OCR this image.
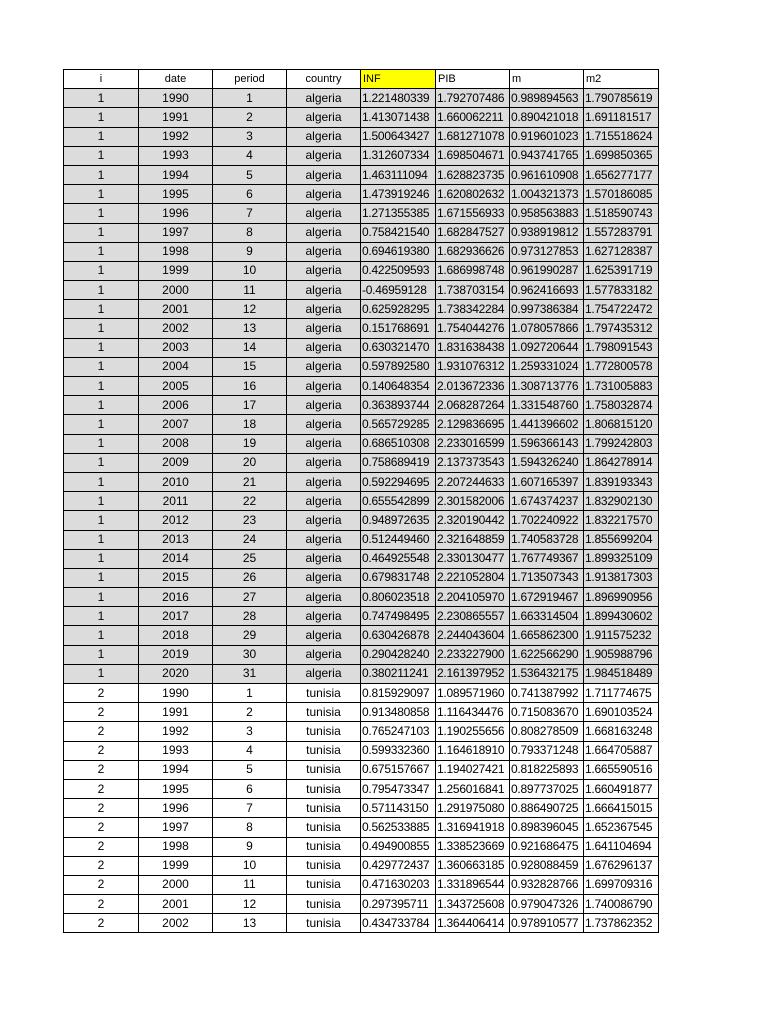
i	date	period	country	INF	PIB	m	m2
1	1990	1	algeria	1.221480339	1.792707486	0.989894563	1.790785619
1	1991	2	algeria	1.413071438	1.660062211	0.890421018	1.691181517
1	1992	3	algeria	1.500643427	1.681271078	0.919601023	1.715518624
1	1993	4	algeria	1.312607334	1.698504671	0.943741765	1.699850365
1	1994	5	algeria	1.463111094	1.628823735	0.961610908	1.656277177
1	1995	6	algeria	1.473919246	1.620802632	1.004321373	1.570186085
1	1996	7	algeria	1.271355385	1.671556933	0.958563883	1.518590743
1	1997	8	algeria	0.758421540	1.682847527	0.938919812	1.557283791
1	1998	9	algeria	0.694619380	1.682936626	0.973127853	1.627128387
1	1999	10	algeria	0.422509593	1.686998748	0.961990287	1.625391719
1	2000	11	algeria	-0.46959128	1.738703154	0.962416693	1.577833182
1	2001	12	algeria	0.625928295	1.738342284	0.997386384	1.754722472
1	2002	13	algeria	0.151768691	1.754044276	1.078057866	1.797435312
1	2003	14	algeria	0.630321470	1.831638438	1.092720644	1.798091543
1	2004	15	algeria	0.597892580	1.931076312	1.259331024	1.772800578
1	2005	16	algeria	0.140648354	2.013672336	1.308713776	1.731005883
1	2006	17	algeria	0.363893744	2.068287264	1.331548760	1.758032874
1	2007	18	algeria	0.565729285	2.129836695	1.441396602	1.806815120
1	2008	19	algeria	0.686510308	2.233016599	1.596366143	1.799242803
1	2009	20	algeria	0.758689419	2.137373543	1.594326240	1.864278914
1	2010	21	algeria	0.592294695	2.207244633	1.607165397	1.839193343
1	2011	22	algeria	0.655542899	2.301582006	1.674374237	1.832902130
1	2012	23	algeria	0.948972635	2.320190442	1.702240922	1.832217570
1	2013	24	algeria	0.512449460	2.321648859	1.740583728	1.855699204
1	2014	25	algeria	0.464925548	2.330130477	1.767749367	1.899325109
1	2015	26	algeria	0.679831748	2.221052804	1.713507343	1.913817303
1	2016	27	algeria	0.806023518	2.204105970	1.672919467	1.896990956
1	2017	28	algeria	0.747498495	2.230865557	1.663314504	1.899430602
1	2018	29	algeria	0.630426878	2.244043604	1.665862300	1.911575232
1	2019	30	algeria	0.290428240	2.233227900	1.622566290	1.905988796
1	2020	31	algeria	0.380211241	2.161397952	1.536432175	1.984518489
2	1990	1	tunisia	0.815929097	1.089571960	0.741387992	1.711774675
2	1991	2	tunisia	0.913480858	1.116434476	0.715083670	1.690103524
2	1992	3	tunisia	0.765247103	1.190255656	0.808278509	1.668163248
2	1993	4	tunisia	0.599332360	1.164618910	0.793371248	1.664705887
2	1994	5	tunisia	0.675157667	1.194027421	0.818225893	1.665590516
2	1995	6	tunisia	0.795473347	1.256016841	0.897737025	1.660491877
2	1996	7	tunisia	0.571143150	1.291975080	0.886490725	1.666415015
2	1997	8	tunisia	0.562533885	1.316941918	0.898396045	1.652367545
2	1998	9	tunisia	0.494900855	1.338523669	0.921686475	1.641104694
2	1999	10	tunisia	0.429772437	1.360663185	0.928088459	1.676296137
2	2000	11	tunisia	0.471630203	1.331896544	0.932828766	1.699709316
2	2001	12	tunisia	0.297395711	1.343725608	0.979047326	1.740086790
2	2002	13	tunisia	0.434733784	1.364406414	0.978910577	1.737862352
